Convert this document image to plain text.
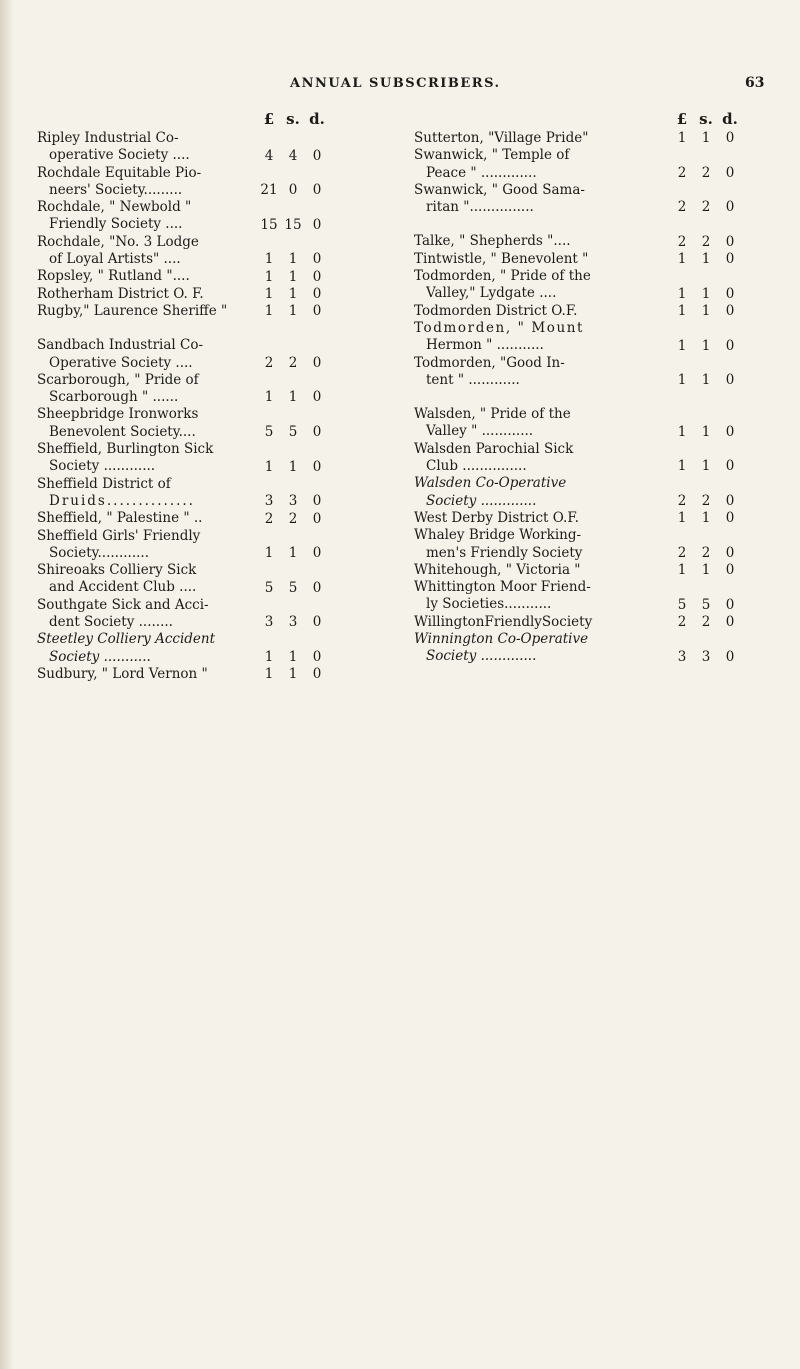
ANNUAL SUBSCRIBERS.	63
£ s. d.
Ripley Industrial Co-
operative Society ....	4	4	0
Rochdale Equitable Pio-
neers' Society.........	21 0	0
Rochdale, " Newbold "
Friendly Society ....	15 15 0
Rochdale, "No. 3 Lodge
of Loyal Artists" ....	1	1	0
Ropsley, " Rutland "....	1	1	0
Rotherham District O. F.	1	1	0
Rugby," Laurence Sheriffe "	1	1	0
Sandbach Industrial Co-
Operative Society ....	2	2	0
Scarborough, " Pride of
Scarborough " ......	1	1	0
Sheepbridge Ironworks
Benevolent Society....	5	5	0
Sheffield, Burlington Sick
Society ............	1	1	0
Sheffield District of
Druids..............	3	3	0
Sheffield, " Palestine " ..	2	2	0
Sheffield Girls' Friendly
Society............	1	1	0
Shireoaks Colliery Sick
and Accident Club ....	5	5	0
Southgate Sick and Acci-
dent Society ........	3	3	0
Steetley Colliery Accident
Society ...........	1	1	0
Sudbury, " Lord Vernon "	1	1	0
£ s. d.
Sutterton, "Village Pride"	1	1	0
Swanwick, " Temple of
Peace " .............	2	2	0
Swanwick, " Good Sama-
ritan "...............	2	2	0
Talke, " Shepherds "....	2	2	0
Tintwistle, " Benevolent "	1	1	0
Todmorden, " Pride of the
Valley," Lydgate ....	1	1	0
Todmorden District O.F.	1	1	0
Todmorden, " Mount
Hermon " ...........	1	1	0
Todmorden, "Good In-
tent " ............	1	1	0
Walsden, " Pride of the
Valley " ............	1	1	0
Walsden Parochial Sick
Club ...............	1	1	0
Walsden Co-Operative
Society .............	2	2	0
West Derby District O.F.	1	1	0
Whaley Bridge Working-
men's Friendly Society	2	2	0
Whitehough, " Victoria "	1	1	0
Whittington Moor Friend-
ly Societies...........	5	5	0
WillingtonFriendlySociety	2	2	0
Winnington Co-Operative
Society .............	3	3	0
